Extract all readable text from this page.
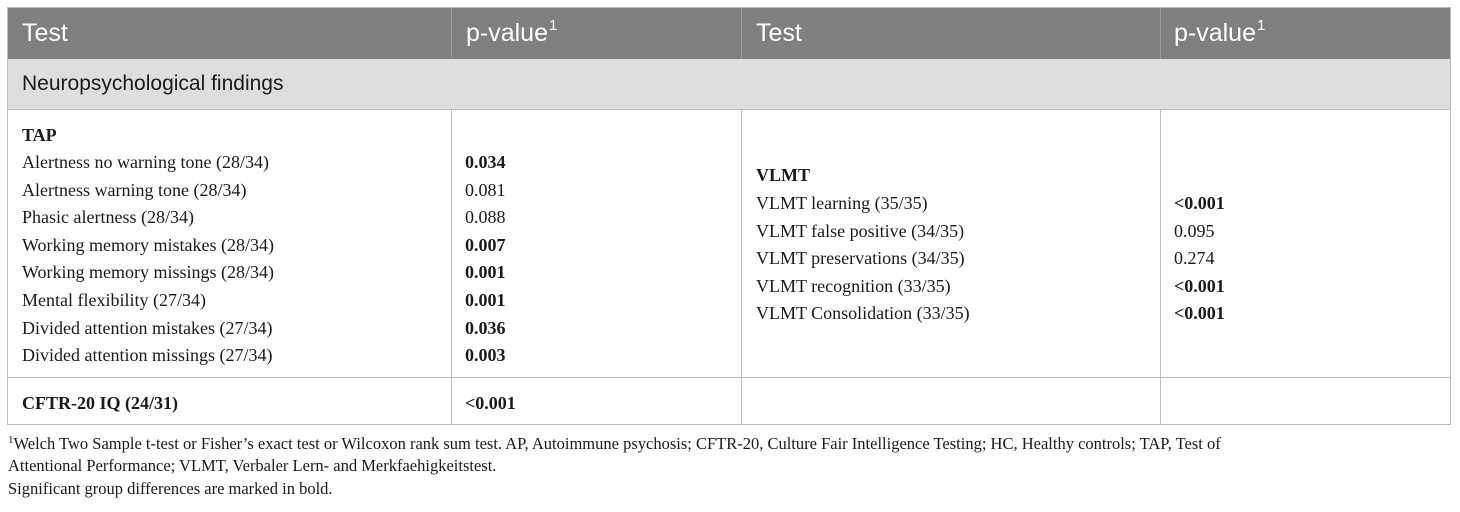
Test	p-value$^1$	Test	p-value$^1$
Neuropsychological findings
TAP
Alertness no warning tone (28/34)	0.034
Alertness warning tone (28/34)	0.081
Phasic alertness (28/34)	0.088
Working memory mistakes (28/34)	0.007
Working memory missings (28/34)	0.001
Mental flexibility (27/34)	0.001
Divided attention mistakes (27/34)	0.036
Divided attention missings (27/34)	0.003
VLMT
VLMT learning (35/35)	<0.001
VLMT false positive (34/35)	0.095
VLMT preservations (34/35)	0.274
VLMT recognition (33/35)	<0.001
VLMT Consolidation (33/35)	<0.001
CFTR-20 IQ (24/31)	<0.001
$^1$Welch Two Sample t-test or Fisher’s exact test or Wilcoxon rank sum test. AP, Autoimmune psychosis; CFTR-20, Culture Fair Intelligence Testing; HC, Healthy controls; TAP, Test of
Attentional Performance; VLMT, Verbaler Lern- and Merkfaehigkeitstest.
Significant group differences are marked in bold.
